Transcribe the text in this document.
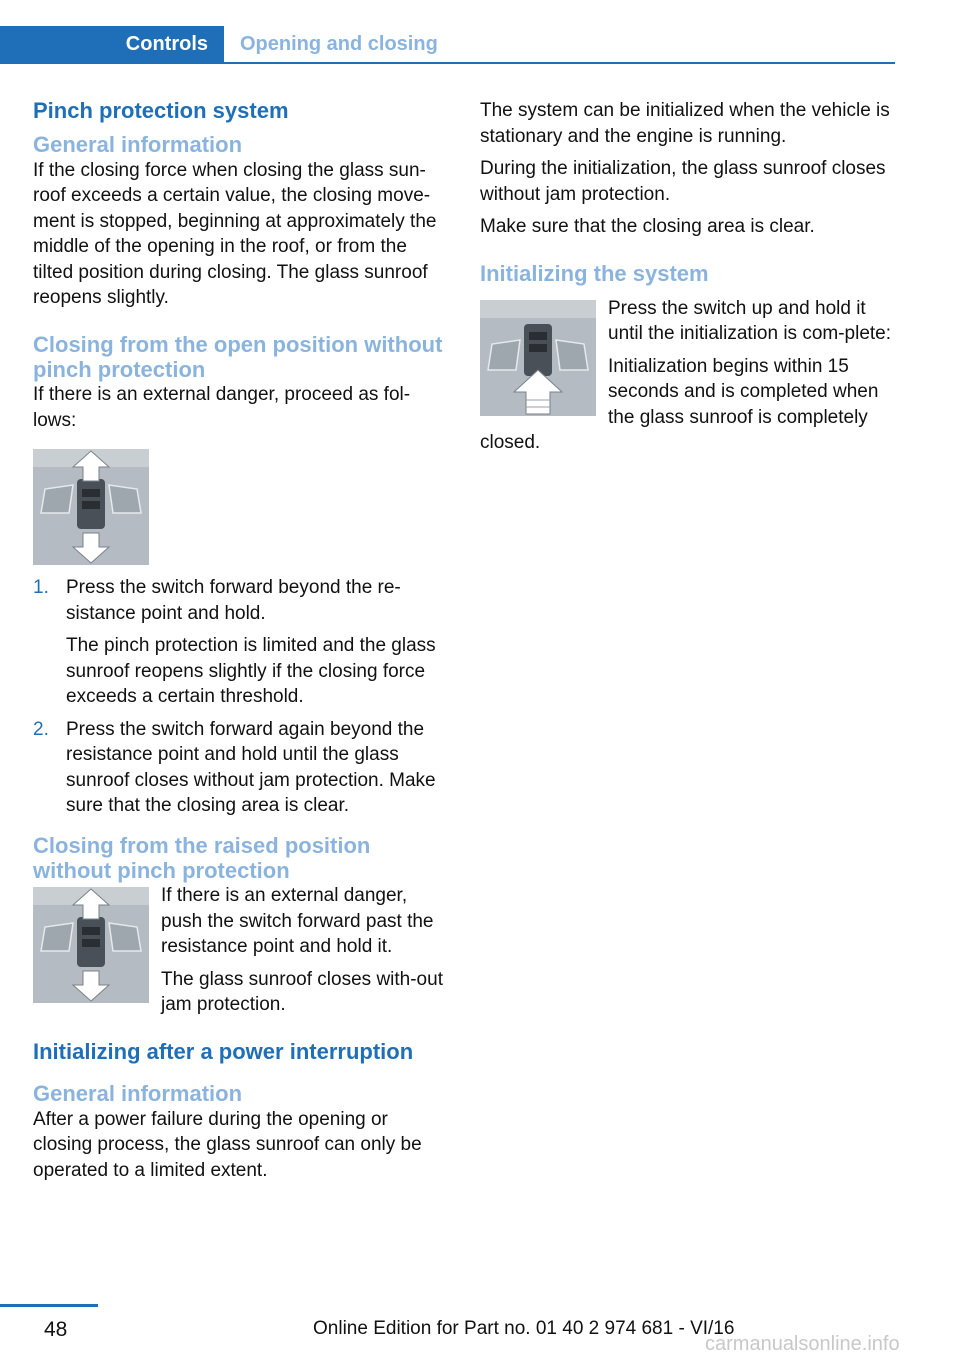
Controls	Opening and closing
Pinch protection system
General information

If the closing force when closing the glass sun‐roof exceeds a certain value, the closing move‐ment is stopped, beginning at approximately the middle of the opening in the roof, or from the tilted position during closing. The glass sunroof reopens slightly.

Closing from the open position without pinch protection

If there is an external danger, proceed as fol‐lows:

1. Press the switch forward beyond the re‐sistance point and hold.

The pinch protection is limited and the glass sunroof reopens slightly if the closing force exceeds a certain threshold.

2. Press the switch forward again beyond the resistance point and hold until the glass sunroof closes without jam protection. Make sure that the closing area is clear.

Closing from the raised position without pinch protection

If there is an external danger, push the switch forward past the resistance point and hold it.

The glass sunroof closes with‐out jam protection.

Initializing after a power interruption
General information

After a power failure during the opening or closing process, the glass sunroof can only be operated to a limited extent.

The system can be initialized when the vehicle is stationary and the engine is running.

During the initialization, the glass sunroof closes without jam protection.

Make sure that the closing area is clear.

Initializing the system

Press the switch up and hold it until the initialization is com‐plete:

Initialization begins within 15 seconds and is completed when the glass sunroof is completely closed.

48	Online Edition for Part no. 01 40 2 974 681 - VI/16
carmanualsonline.info
